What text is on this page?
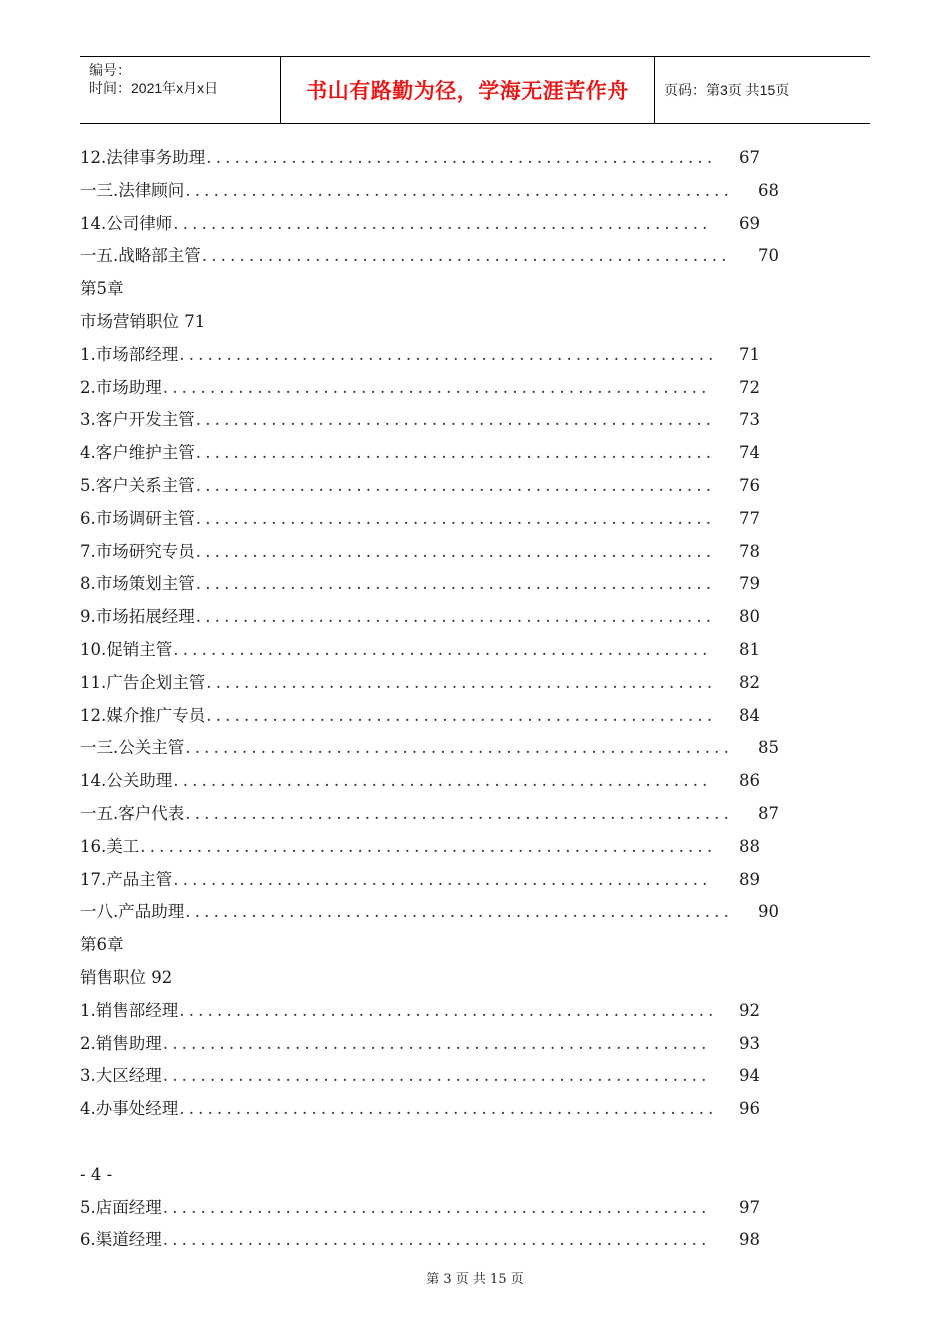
编号：
时间：2021年x月x日	书山有路勤为径，学海无涯苦作舟	页码：第3页 共15页
12.法律事务助理 .....	67
一三.法律顾问 .....	68
14.公司律师 .....	69
一五.战略部主管 .....	70
第5章
市场营销职位 71
1.市场部经理 .....	71
2.市场助理 .....	72
3.客户开发主管 .....	73
4.客户维护主管 .....	74
5.客户关系主管 .....	76
6.市场调研主管 .....	77
7.市场研究专员 .....	78
8.市场策划主管 .....	79
9.市场拓展经理 .....	80
10.促销主管 .....	81
11.广告企划主管 .....	82
12.媒介推广专员 .....	84
一三.公关主管 .....	85
14.公关助理 .....	86
一五.客户代表 .....	87
16.美工 .....	88
17.产品主管 .....	89
一八.产品助理 .....	90
第6章
销售职位 92
1.销售部经理 .....	92
2.销售助理 .....	93
3.大区经理 .....	94
4.办事处经理 .....	96
- 4 -
5.店面经理 .....	97
6.渠道经理 .....	98
第 3 页 共 15 页
